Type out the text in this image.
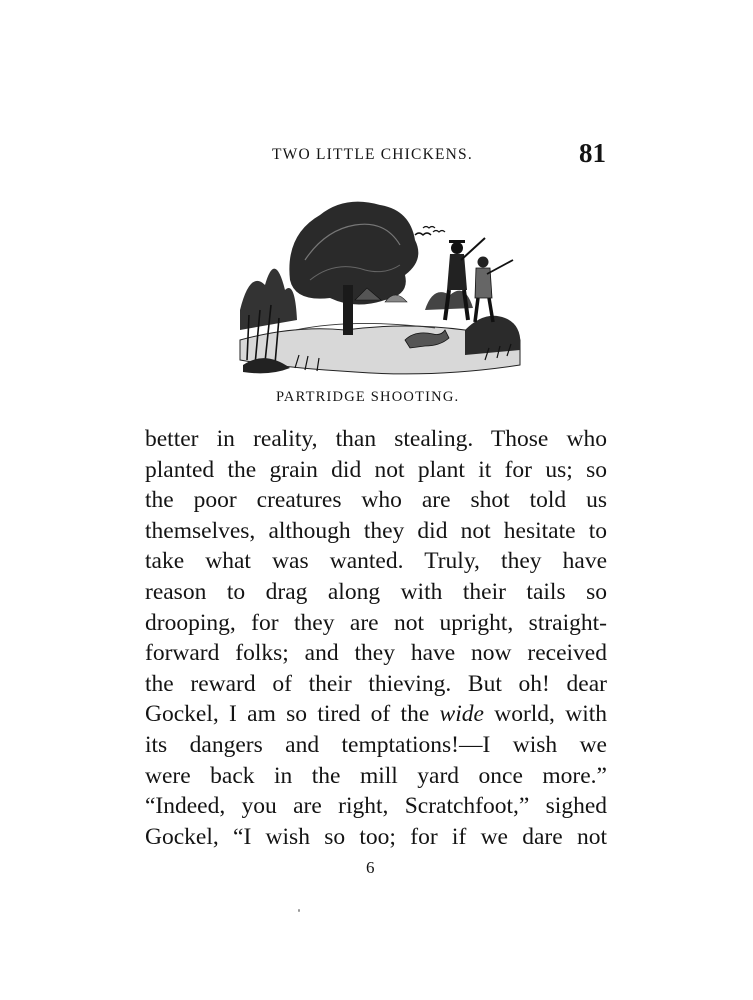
TWO LITTLE CHICKENS.	81
PARTRIDGE SHOOTING.
better in reality, than stealing. Those who
planted the grain did not plant it for us; so
the poor creatures who are shot told us
themselves, although they did not hesitate to
take what was wanted. Truly, they have
reason to drag along with their tails so
drooping, for they are not upright, straight-
forward folks; and they have now received
the reward of their thieving. But oh! dear
Gockel, I am so tired of the wide world, with
its dangers and temptations!—I wish we
were back in the mill yard once more.”
“Indeed, you are right, Scratchfoot,” sighed
Gockel, “I wish so too; for if we dare not
6
